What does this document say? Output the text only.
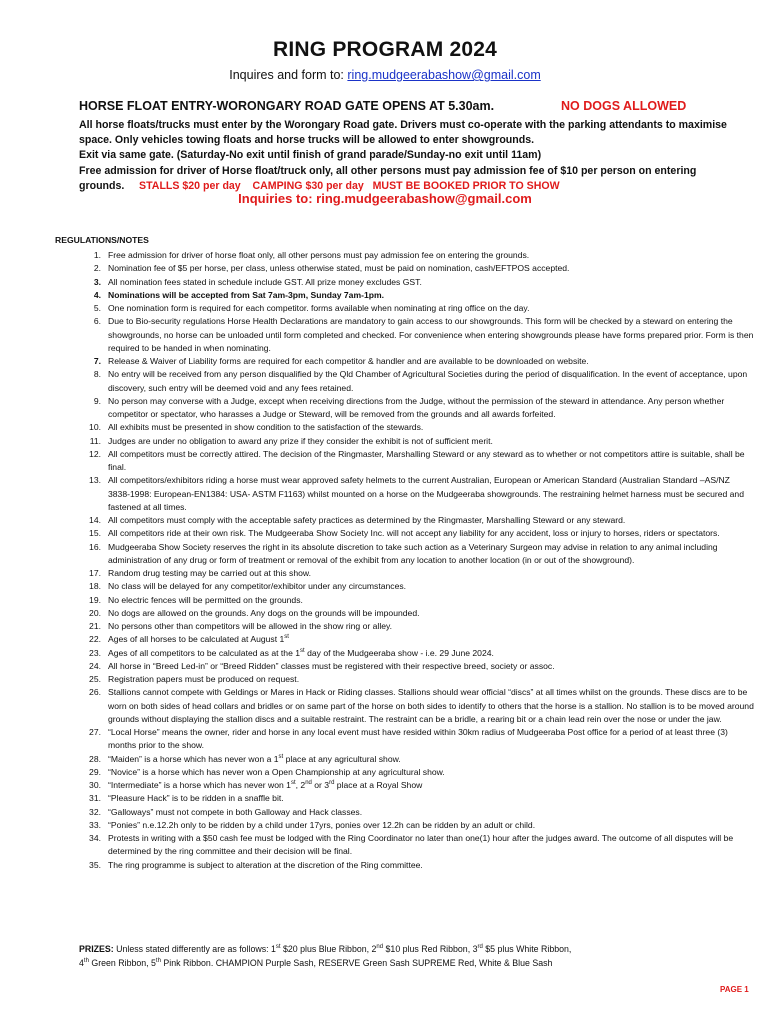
RING PROGRAM 2024
Inquires and form to: ring.mudgeerabashow@gmail.com
HORSE FLOAT ENTRY-WORONGARY ROAD GATE OPENS AT 5.30am.	NO DOGS ALLOWED

All horse floats/trucks must enter by the Worongary Road gate. Drivers must co-operate with the parking attendants to maximise space. Only vehicles towing floats and horse trucks will be allowed to enter showgrounds.

Exit via same gate. (Saturday-No exit until finish of grand parade/Sunday-no exit until 11am)

Free admission for driver of Horse float/truck only, all other persons must pay admission fee of $10 per person on entering grounds. STALLS $20 per day CAMPING $30 per day MUST BE BOOKED PRIOR TO SHOW

Inquiries to: ring.mudgeerabashow@gmail.com
REGULATIONS/NOTES
1. Free admission for driver of horse float only, all other persons must pay admission fee on entering the grounds.
2. Nomination fee of $5 per horse, per class, unless otherwise stated, must be paid on nomination, cash/EFTPOS accepted.
3. All nomination fees stated in schedule include GST. All prize money excludes GST.
4. Nominations will be accepted from Sat 7am-3pm, Sunday 7am-1pm.
5. One nomination form is required for each competitor. forms available when nominating at ring office on the day.
6. Due to Bio-security regulations Horse Health Declarations are mandatory to gain access to our showgrounds. This form will be checked by a steward on entering the showgrounds, no horse can be unloaded until form completed and checked. For convenience when entering showgrounds please have forms prepared prior. Form is then required to be handed in when nominating.
7. Release & Waiver of Liability forms are required for each competitor & handler and are available to be downloaded on website.
8. No entry will be received from any person disqualified by the Qld Chamber of Agricultural Societies during the period of disqualification. In the event of acceptance, upon discovery, such entry will be deemed void and any fees retained.
9. No person may converse with a Judge, except when receiving directions from the Judge, without the permission of the steward in attendance. Any person whether competitor or spectator, who harasses a Judge or Steward, will be removed from the grounds and all awards forfeited.
10. All exhibits must be presented in show condition to the satisfaction of the stewards.
11. Judges are under no obligation to award any prize if they consider the exhibit is not of sufficient merit.
12. All competitors must be correctly attired. The decision of the Ringmaster, Marshalling Steward or any steward as to whether or not competitors attire is suitable, shall be final.
13. All competitors/exhibitors riding a horse must wear approved safety helmets to the current Australian, European or American Standard (Australian Standard –AS/NZ 3838-1998: European-EN1384: USA- ASTM F1163) whilst mounted on a horse on the Mudgeeraba showgrounds. The restraining helmet harness must be secured and fastened at all times.
14. All competitors must comply with the acceptable safety practices as determined by the Ringmaster, Marshalling Steward or any steward.
15. All competitors ride at their own risk. The Mudgeeraba Show Society Inc. will not accept any liability for any accident, loss or injury to horses, riders or spectators.
16. Mudgeeraba Show Society reserves the right in its absolute discretion to take such action as a Veterinary Surgeon may advise in relation to any animal including administration of any drug or form of treatment or removal of the exhibit from any location to another location (in or out of the showground).
17. Random drug testing may be carried out at this show.
18. No class will be delayed for any competitor/exhibitor under any circumstances.
19. No electric fences will be permitted on the grounds.
20. No dogs are allowed on the grounds. Any dogs on the grounds will be impounded.
21. No persons other than competitors will be allowed in the show ring or alley.
22. Ages of all horses to be calculated at August 1st
23. Ages of all competitors to be calculated as at the 1st day of the Mudgeeraba show - i.e. 29 June 2024.
24. All horse in “Breed Led-in” or “Breed Ridden” classes must be registered with their respective breed, society or assoc.
25. Registration papers must be produced on request.
26. Stallions cannot compete with Geldings or Mares in Hack or Riding classes. Stallions should wear official “discs” at all times whilst on the grounds. These discs are to be worn on both sides of head collars and bridles or on same part of the horse on both sides to identify to others that the horse is a stallion. No stallion is to be moved around grounds without displaying the stallion discs and a suitable restraint. The restraint can be a bridle, a rearing bit or a chain lead rein over the nose or under the jaw.
27. “Local Horse” means the owner, rider and horse in any local event must have resided within 30km radius of Mudgeeraba Post office for a period of at least three (3) months prior to the show.
28. “Maiden” is a horse which has never won a 1st place at any agricultural show.
29. “Novice” is a horse which has never won a Open Championship at any agricultural show.
30. “Intermediate” is a horse which has never won 1st, 2nd or 3rd place at a Royal Show
31. “Pleasure Hack” is to be ridden in a snaffle bit.
32. “Galloways” must not compete in both Galloway and Hack classes.
33. “Ponies” n.e.12.2h only to be ridden by a child under 17yrs, ponies over 12.2h can be ridden by an adult or child.
34. Protests in writing with a $50 cash fee must be lodged with the Ring Coordinator no later than one(1) hour after the judges award. The outcome of all disputes will be determined by the ring committee and their decision will be final.
35. The ring programme is subject to alteration at the discretion of the Ring committee.

PRIZES: Unless stated differently are as follows: 1st $20 plus Blue Ribbon, 2nd $10 plus Red Ribbon, 3rd $5 plus White Ribbon,

4th Green Ribbon, 5th Pink Ribbon. CHAMPION Purple Sash, RESERVE Green Sash SUPREME Red, White & Blue Sash

PAGE 1
